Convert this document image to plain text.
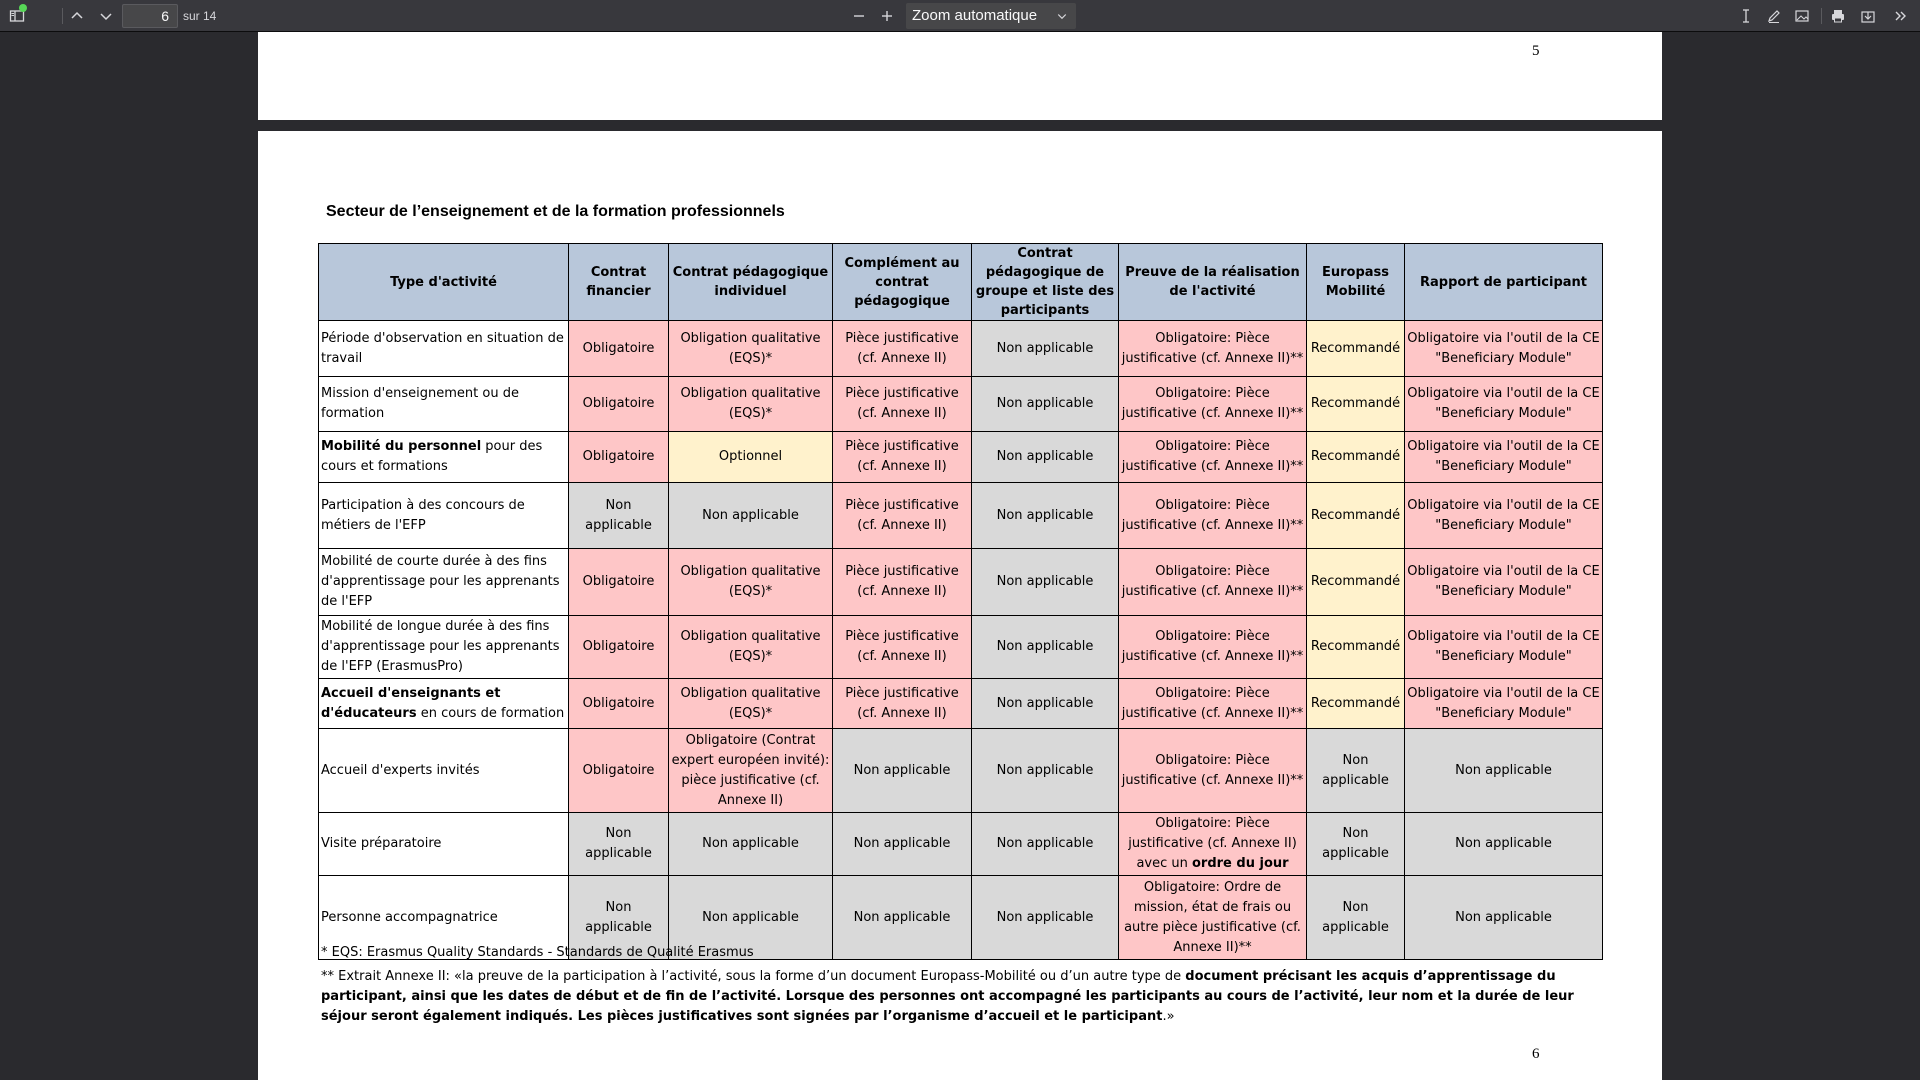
6	sur 14	Zoom automatique
5
Secteur de l’enseignement et de la formation professionnels
Type d'activité	Contrat financier	Contrat pédagogique individuel	Complément au contrat pédagogique	Contrat pédagogique de groupe et liste des participants	Preuve de la réalisation de l'activité	Europass Mobilité	Rapport de participant
Période d'observation en situation de travail	Obligatoire	Obligation qualitative (EQS)*	Pièce justificative (cf. Annexe II)	Non applicable	Obligatoire: Pièce justificative (cf. Annexe II)**	Recommandé	Obligatoire via l'outil de la CE "Beneficiary Module"
Mission d'enseignement ou de formation	Obligatoire	Obligation qualitative (EQS)*	Pièce justificative (cf. Annexe II)	Non applicable	Obligatoire: Pièce justificative (cf. Annexe II)**	Recommandé	Obligatoire via l'outil de la CE "Beneficiary Module"
Mobilité du personnel pour des cours et formations	Obligatoire	Optionnel	Pièce justificative (cf. Annexe II)	Non applicable	Obligatoire: Pièce justificative (cf. Annexe II)**	Recommandé	Obligatoire via l'outil de la CE "Beneficiary Module"
Participation à des concours de métiers de l'EFP	Non applicable	Non applicable	Pièce justificative (cf. Annexe II)	Non applicable	Obligatoire: Pièce justificative (cf. Annexe II)**	Recommandé	Obligatoire via l'outil de la CE "Beneficiary Module"
Mobilité de courte durée à des fins d'apprentissage pour les apprenants de l'EFP	Obligatoire	Obligation qualitative (EQS)*	Pièce justificative (cf. Annexe II)	Non applicable	Obligatoire: Pièce justificative (cf. Annexe II)**	Recommandé	Obligatoire via l'outil de la CE "Beneficiary Module"
Mobilité de longue durée à des fins d'apprentissage pour les apprenants de l'EFP (ErasmusPro)	Obligatoire	Obligation qualitative (EQS)*	Pièce justificative (cf. Annexe II)	Non applicable	Obligatoire: Pièce justificative (cf. Annexe II)**	Recommandé	Obligatoire via l'outil de la CE "Beneficiary Module"
Accueil d'enseignants et d'éducateurs en cours de formation	Obligatoire	Obligation qualitative (EQS)*	Pièce justificative (cf. Annexe II)	Non applicable	Obligatoire: Pièce justificative (cf. Annexe II)**	Recommandé	Obligatoire via l'outil de la CE "Beneficiary Module"
Accueil d'experts invités	Obligatoire	Obligatoire (Contrat expert européen invité): pièce justificative (cf. Annexe II)	Non applicable	Non applicable	Obligatoire: Pièce justificative (cf. Annexe II)**	Non applicable	Non applicable
Visite préparatoire	Non applicable	Non applicable	Non applicable	Non applicable	Obligatoire: Pièce justificative (cf. Annexe II) avec un ordre du jour	Non applicable	Non applicable
Personne accompagnatrice	Non applicable	Non applicable	Non applicable	Non applicable	Obligatoire: Ordre de mission, état de frais ou autre pièce justificative (cf. Annexe II)**	Non applicable	Non applicable

* EQS: Erasmus Quality Standards - Standards de Qualité Erasmus

** Extrait Annexe II: «la preuve de la participation à l’activité, sous la forme d’un document Europass-Mobilité ou d’un autre type de document précisant les acquis d’apprentissage du participant, ainsi que les dates de début et de fin de l’activité. Lorsque des personnes ont accompagné les participants au cours de l’activité, leur nom et la durée de leur séjour seront également indiqués. Les pièces justificatives sont signées par l’organisme d’accueil et le participant.»

6
